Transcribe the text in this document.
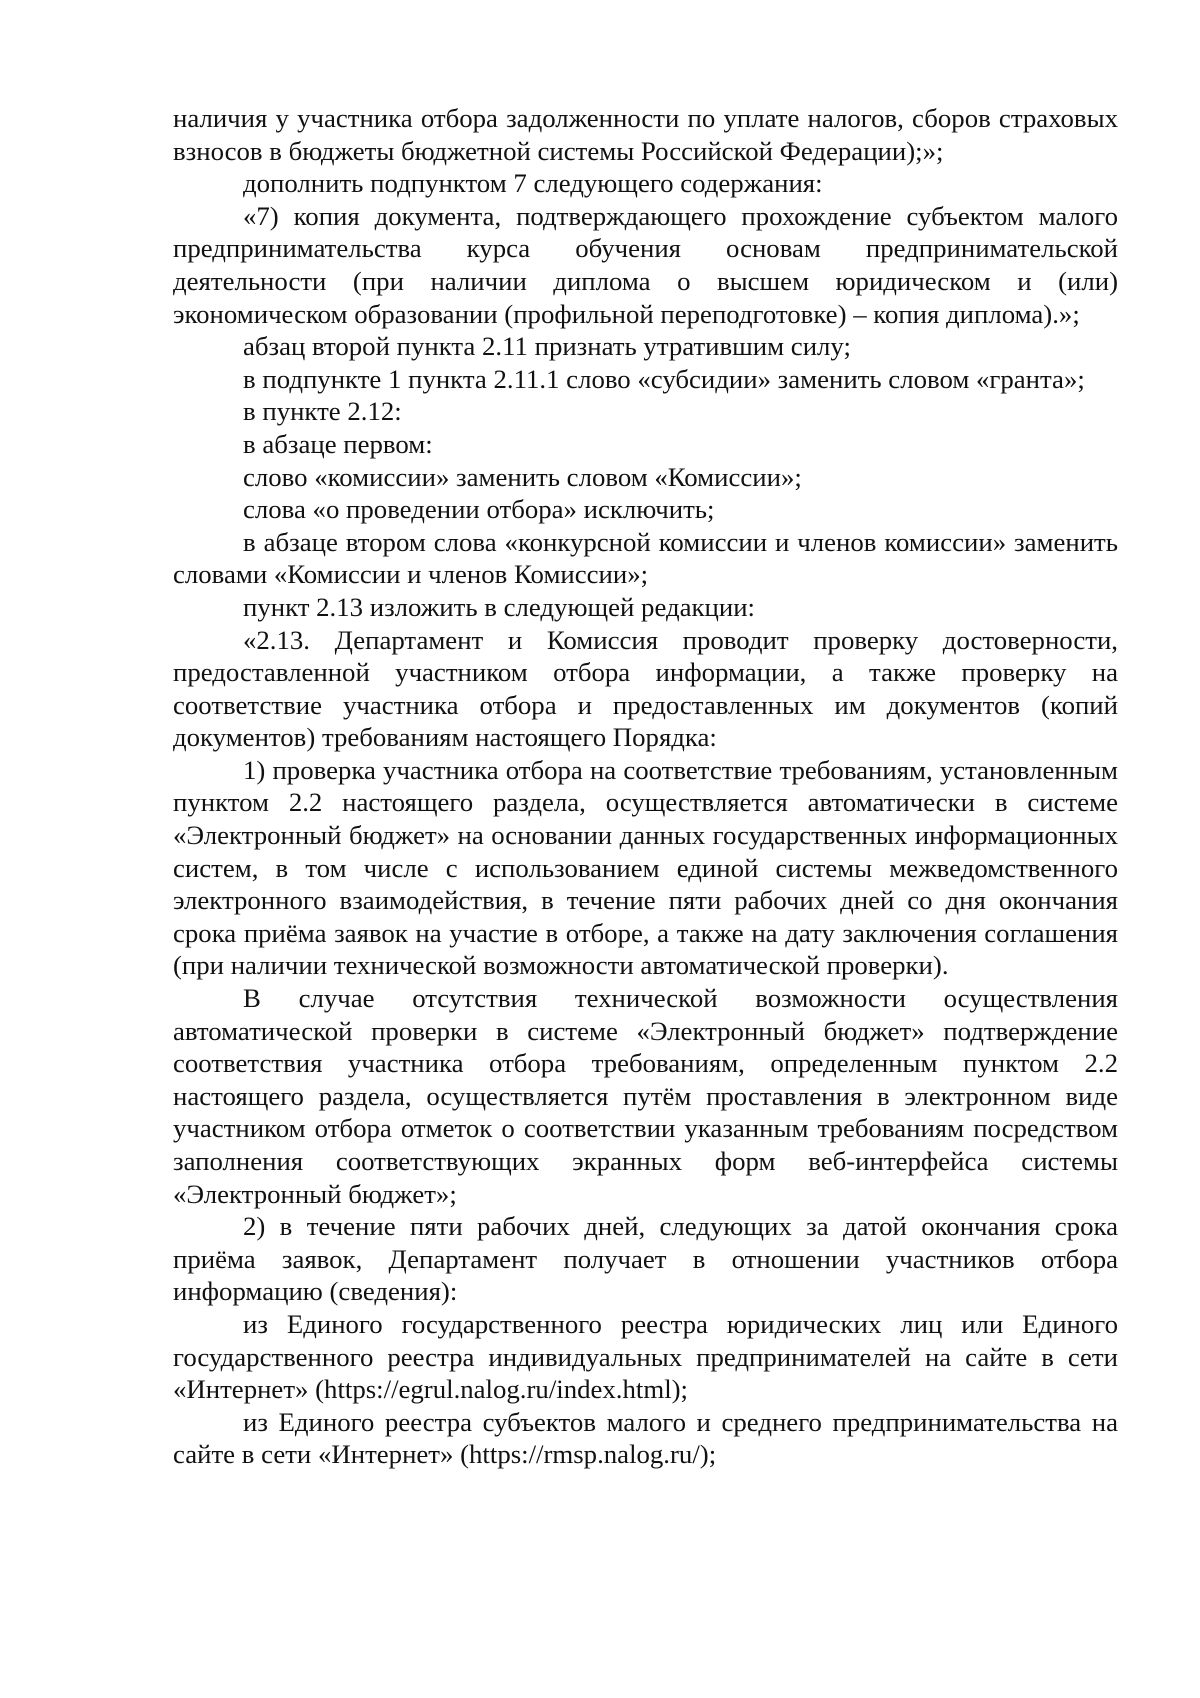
наличия у участника отбора задолженности по уплате налогов, сборов страховых взносов в бюджеты бюджетной системы Российской Федерации);»;

дополнить подпунктом 7 следующего содержания:

«7) копия документа, подтверждающего прохождение субъектом малого предпринимательства курса обучения основам предпринимательской деятельности (при наличии диплома о высшем юридическом и (или) экономическом образовании (профильной переподготовке) – копия диплома).»;

абзац второй пункта 2.11 признать утратившим силу;

в подпункте 1 пункта 2.11.1 слово «субсидии» заменить словом «гранта»;

в пункте 2.12:

в абзаце первом:

слово «комиссии» заменить словом «Комиссии»;

слова «о проведении отбора» исключить;

в абзаце втором слова «конкурсной комиссии и членов комиссии» заменить словами «Комиссии и членов Комиссии»;

пункт 2.13 изложить в следующей редакции:

«2.13. Департамент и Комиссия проводит проверку достоверности, предоставленной участником отбора информации, а также проверку на соответствие участника отбора и предоставленных им документов (копий документов) требованиям настоящего Порядка:

1) проверка участника отбора на соответствие требованиям, установленным пунктом 2.2 настоящего раздела, осуществляется автоматически в системе «Электронный бюджет» на основании данных государственных информационных систем, в том числе с использованием единой системы межведомственного электронного взаимодействия, в течение пяти рабочих дней со дня окончания срока приёма заявок на участие в отборе, а также на дату заключения соглашения (при наличии технической возможности автоматической проверки).

В случае отсутствия технической возможности осуществления автоматической проверки в системе «Электронный бюджет» подтверждение соответствия участника отбора требованиям, определенным пунктом 2.2 настоящего раздела, осуществляется путём проставления в электронном виде участником отбора отметок о соответствии указанным требованиям посредством заполнения соответствующих экранных форм веб-интерфейса системы «Электронный бюджет»;

2) в течение пяти рабочих дней, следующих за датой окончания срока приёма заявок, Департамент получает в отношении участников отбора информацию (сведения):

из Единого государственного реестра юридических лиц или Единого государственного реестра индивидуальных предпринимателей на сайте в сети «Интернет» (https://egrul.nalog.ru/index.html);

из Единого реестра субъектов малого и среднего предпринимательства на сайте в сети «Интернет» (https://rmsp.nalog.ru/);
